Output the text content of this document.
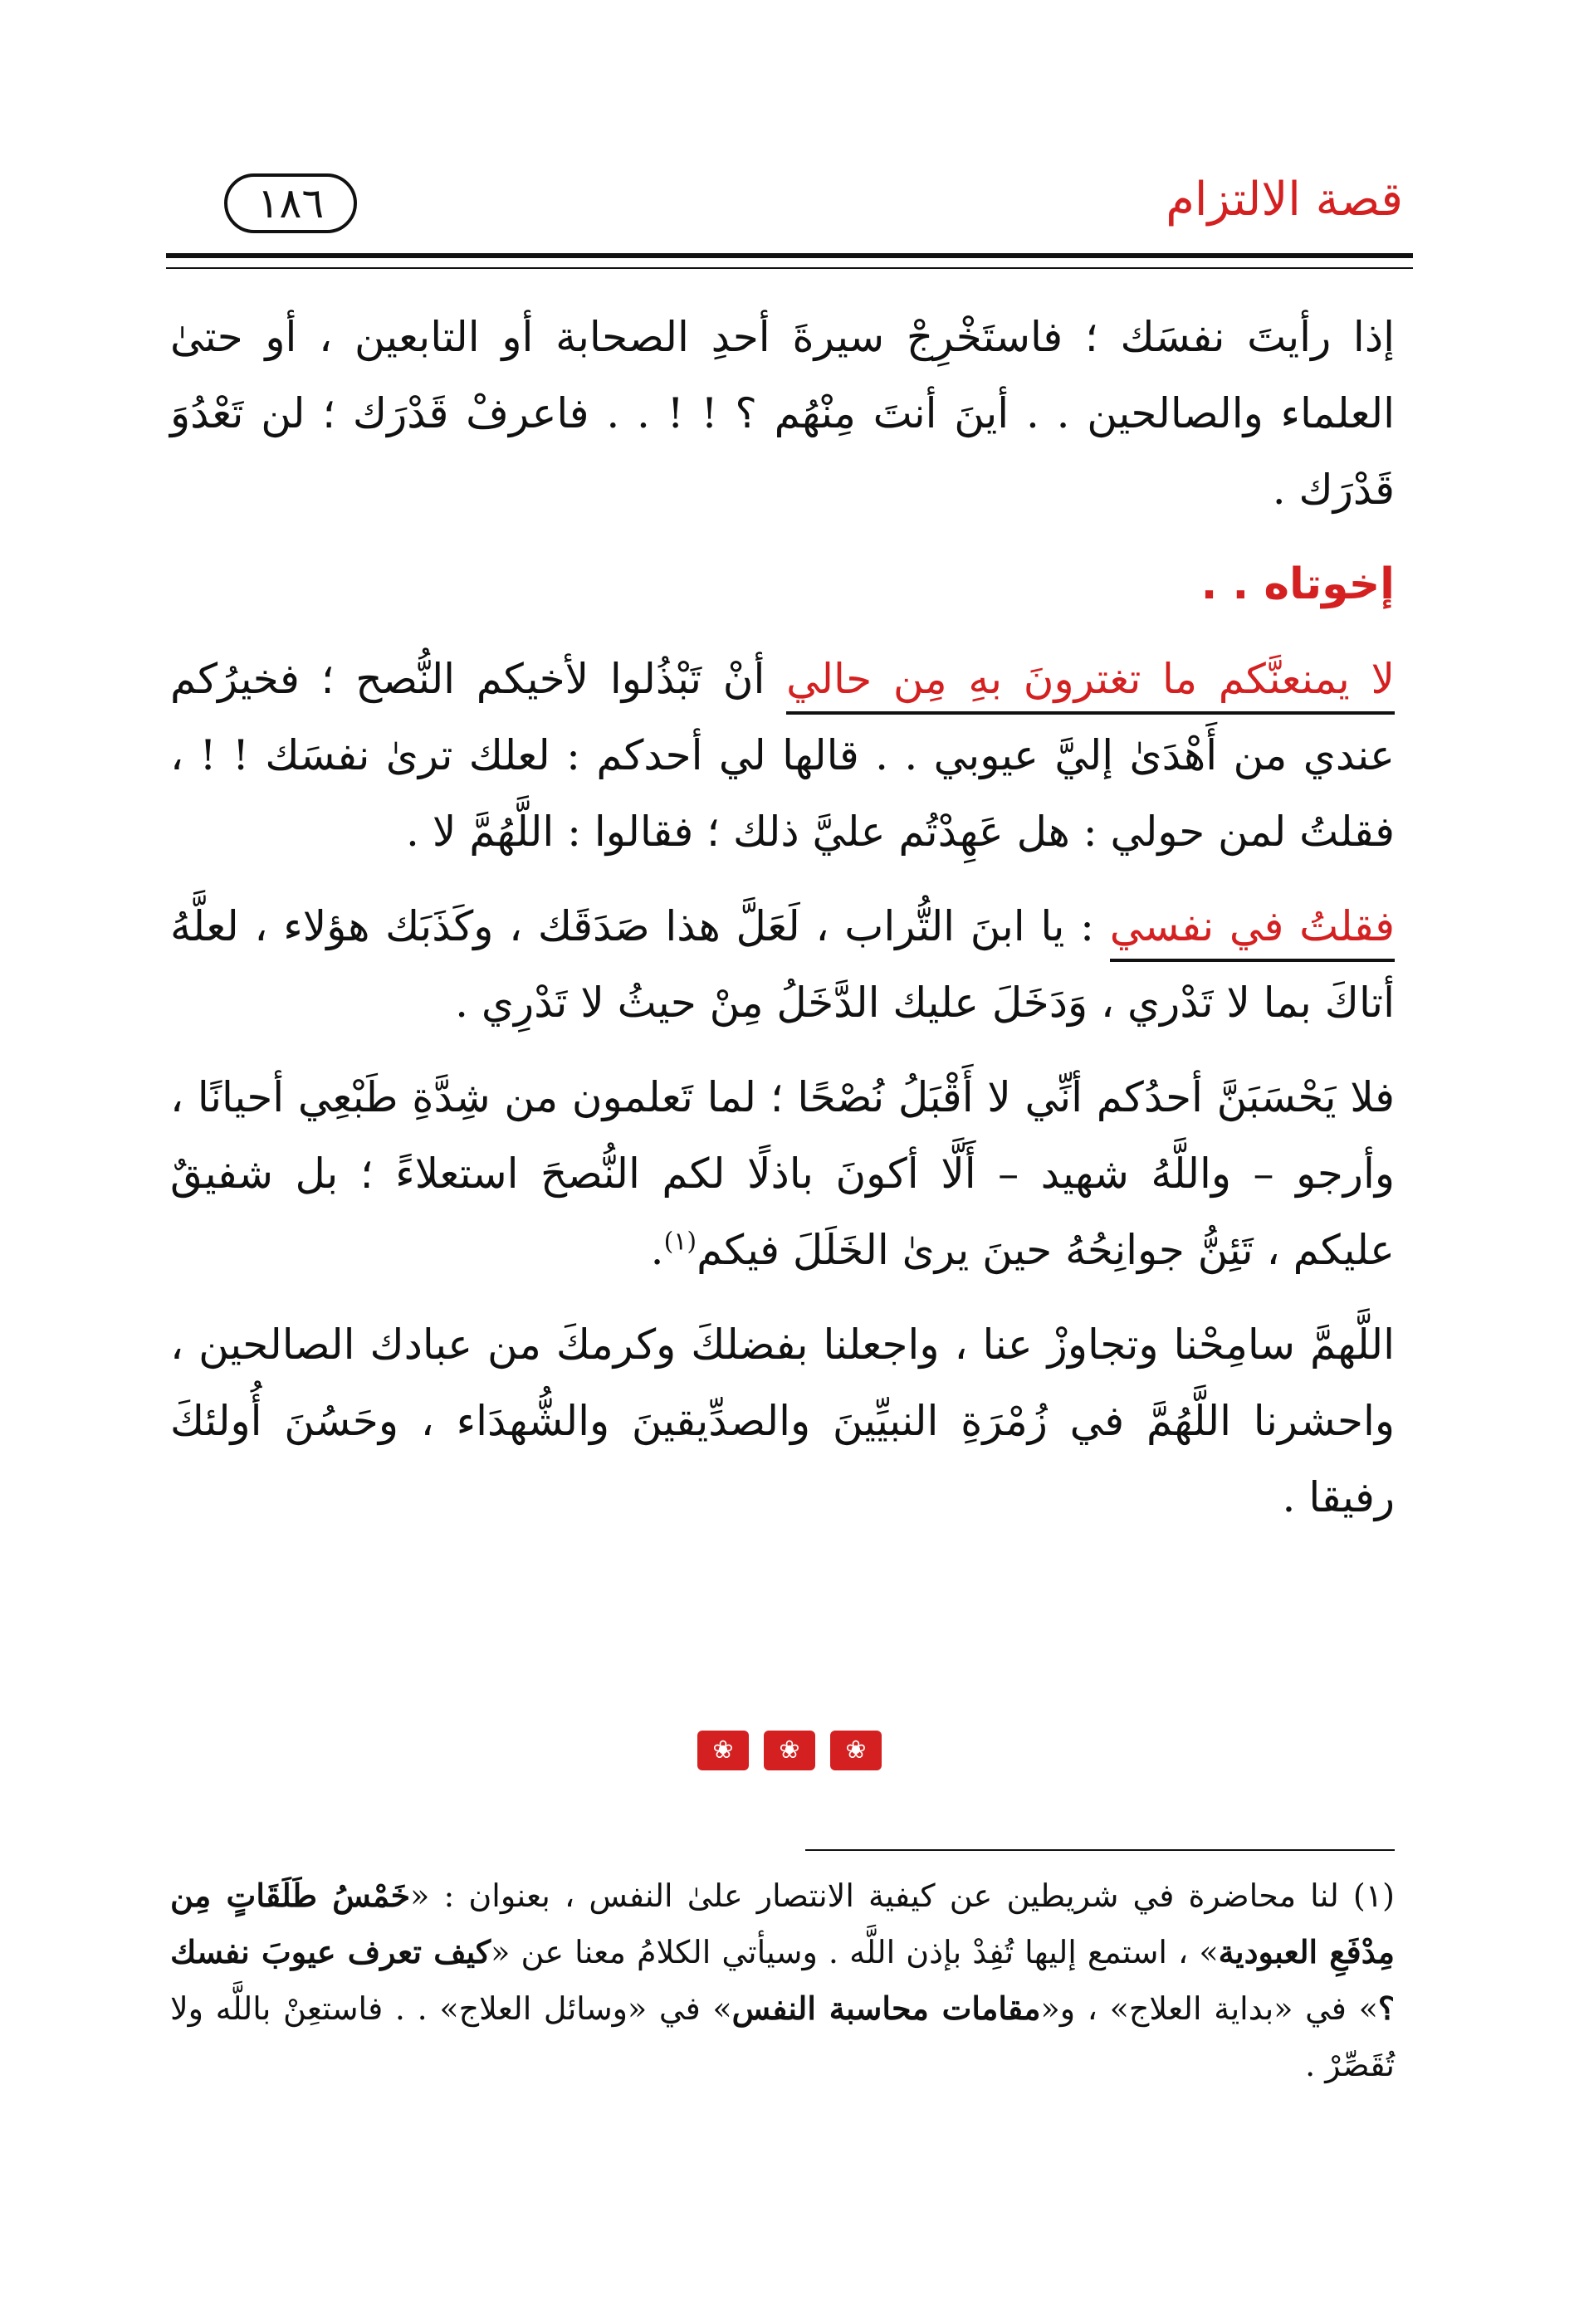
١٨٦	قصة الالتزام

إذا رأيتَ نفسَك ؛ فاستَخْرِجْ سيرةَ أحدِ الصحابة أو التابعين ، أو حتىٰ العلماء والصالحين . . أينَ أنتَ مِنْهُم ؟ ! ! . . فاعرفْ قَدْرَك ؛ لن تَعْدُوَ قَدْرَك .

إخوتاه . .

لا يمنعنَّكم ما تغترونَ بهِ مِن حالي أنْ تَبْذُلوا لأخيكم النُّصح ؛ فخيرُكم عندي من أَهْدَىٰ إليَّ عيوبي . . قالها لي أحدكم : لعلك ترىٰ نفسَك ! ! ، فقلتُ لمن حولي : هل عَهِدْتُم عليَّ ذلك ؛ فقالوا : اللَّهُمَّ لا .

فقلتُ في نفسي : يا ابنَ التُّراب ، لَعَلَّ هذا صَدَقَك ، وكَذَبَك هؤلاء ، لعلَّهُ أتاكَ بما لا تَدْري ، وَدَخَلَ عليك الدَّخَلُ مِنْ حيثُ لا تَدْرِي .

فلا يَحْسَبَنَّ أحدُكم أنِّي لا أَقْبَلُ نُصْحًا ؛ لما تَعلمون من شِدَّةِ طَبْعِي أحيانًا ، وأرجو – واللَّهُ شهيد – أَلَّا أكونَ باذلًا لكم النُّصحَ استعلاءً ؛ بل شفيقٌ عليكم ، تَئِنُّ جوانِحُهُ حينَ يرىٰ الخَلَلَ فيكم$^{(١)}$.

اللَّهمَّ سامِحْنا وتجاوزْ عنا ، واجعلنا بفضلكَ وكرمكَ من عبادك الصالحين ، واحشرنا اللَّهُمَّ في زُمْرَةِ النبيِّينَ والصدِّيقينَ والشُّهدَاء ، وحَسُنَ أُولئكَ رفيقا .

❀	❀	❀

(١) لنا محاضرة في شريطين عن كيفية الانتصار علىٰ النفس ، بعنوان : «خَمْسُ طَلَقَاتٍ مِن مِدْفَعِ العبودية» ، استمع إليها تُفِدْ بإذن اللَّه . وسيأتي الكلامُ معنا عن «كيف تعرف عيوبَ نفسك ؟» في «بداية العلاج» ، و«مقامات محاسبة النفس» في «وسائل العلاج» . . فاستعِنْ باللَّه ولا تُقَصِّرْ .
